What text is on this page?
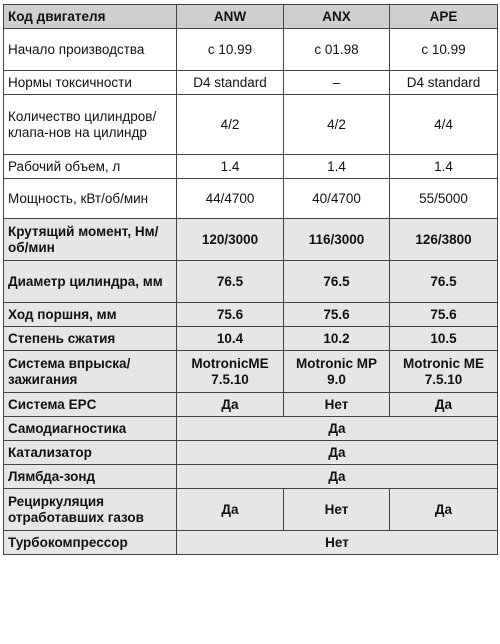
Код двигателя	ANW	ANX	APE
Начало производства	с 10.99	с 01.98	с 10.99
Нормы токсичности	D4 standard	–	D4 standard
Количество цилиндров/клапа-нов на цилиндр	4/2	4/2	4/4
Рабочий объем, л	1.4	1.4	1.4
Мощность, кВт/об/мин	44/4700	40/4700	55/5000
Крутящий момент, Нм/об/мин	120/3000	116/3000	126/3800
Диаметр цилиндра, мм	76.5	76.5	76.5
Ход поршня, мм	75.6	75.6	75.6
Степень сжатия	10.4	10.2	10.5
Система впрыска/зажигания	MotronicME 7.5.10	Motronic MP 9.0	Motronic ME 7.5.10
Система EPC	Да	Нет	Да
Самодиагностика	Да		
Катализатор	Да		
Лямбда-зонд	Да		
Рециркуляция отработавших газов	Да	Нет	Да
Турбокомпрессор	Нет		
